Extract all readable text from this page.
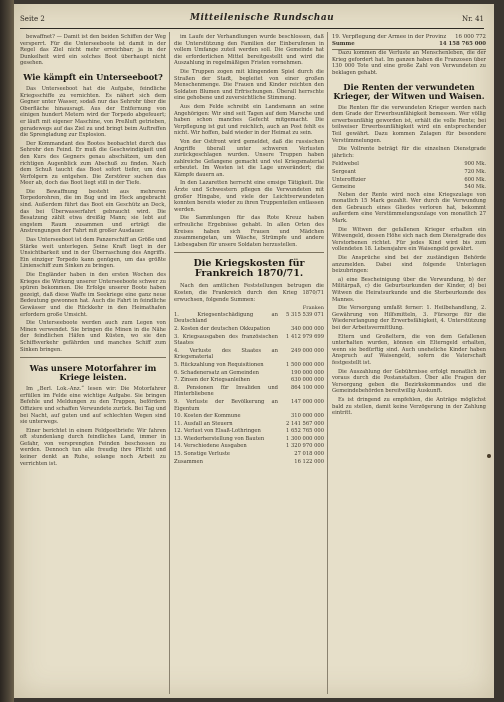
Seite 2	Mitteilenische Rundschau	Nr. 41

bewaffnet? — Damit ist den beiden Schiffen der Weg versperrt. Für die Unterseeboote ist damit in der Regel das Ziel nicht mehr erreichbar; ja in der Dunkelheit wird ein solches Boot überhaupt nicht gesehen.

Wie kämpft ein Unterseeboot?

Das Unterseeboot hat die Aufgabe, feindliche Kriegsschiffe zu vernichten. Es nähert sich dem Gegner unter Wasser, sodaß nur das Sehrohr über die Oberfläche hinausragt. Aus der Entfernung von einigen hundert Metern wird der Torpedo abgefeuert; er läuft mit eigener Maschine, von Preßluft getrieben, geradewegs auf das Ziel zu und bringt beim Auftreffen die Sprengladung zur Explosion.

Der Kommandant des Bootes beobachtet durch das Sehrohr den Feind. Er muß die Geschwindigkeit und den Kurs des Gegners genau abschätzen, um den richtigen Augenblick zum Abschuß zu finden. Nach dem Schuß taucht das Boot sofort tiefer, um den Verfolgern zu entgehen. Die Zerstörer suchen das Meer ab, doch das Boot liegt still in der Tiefe.

Die Bewaffnung besteht aus mehreren Torpedorohren, die im Bug und im Heck angebracht sind. Außerdem führt das Boot ein Geschütz an Deck, das bei Überwasserfahrt gebraucht wird. Die Besatzung zählt etwa dreißig Mann; sie lebt auf engstem Raum zusammen und erträgt die Anstrengungen der Fahrt mit großer Ausdauer.

Das Unterseeboot ist dem Panzerschiff an Größe und Stärke weit unterlegen. Seine Kraft liegt in der Unsichtbarkeit und in der Überraschung des Angriffs. Ein einziger Torpedo kann genügen, um das größte Linienschiff zum Sinken zu bringen.

Die Engländer haben in den ersten Wochen des Krieges die Wirkung unserer Unterseeboote schwer zu spüren bekommen. Die Erfolge unserer Boote haben gezeigt, daß diese Waffe im Seekriege eine ganz neue Bedeutung gewonnen hat. Auch die Fahrt in feindliche Gewässer und die Rückkehr in den Heimathafen erfordern große Umsicht.

Die Unterseeboote werden auch zum Legen von Minen verwendet. Sie bringen die Minen in die Nähe der feindlichen Häfen und Küsten, wo sie den Schiffsverkehr gefährden und manches Schiff zum Sinken bringen.

Was unsere Motorfahrer im Kriege leisten.

Im „Berl. Lok.-Anz.“ lesen wir: Die Motorfahrer erfüllen im Felde eine wichtige Aufgabe. Sie bringen Befehle und Meldungen zu den Truppen, befördern Offiziere und schaffen Verwundete zurück. Bei Tag und bei Nacht, auf guten und auf schlechten Wegen sind sie unterwegs.

Einer berichtet in einem Feldpostbriefe: Wir fahren oft stundenlang durch feindliches Land, immer in Gefahr, von versprengten Feinden beschossen zu werden. Dennoch tun alle freudig ihre Pflicht und keiner denkt an Ruhe, solange noch Arbeit zu verrichten ist.

im Laufe der Verhandlungen wurde beschlossen, daß die Unterstützung den Familien der Einberufenen in vollem Umfange zuteil werden soll. Die Gemeinde hat die erforderlichen Mittel bereitgestellt und wird die Auszahlung in regelmäßigen Fristen vornehmen.

Die Truppen zogen mit klingendem Spiel durch die Straßen der Stadt, begleitet von einer großen Menschenmenge. Die Frauen und Kinder reichten den Soldaten Blumen und Erfrischungen. Überall herrschte eine gehobene und zuversichtliche Stimmung.

Aus dem Felde schreibt ein Landsmann an seine Angehörigen: Wir sind seit Tagen auf dem Marsche und haben schon manches Gefecht mitgemacht. Die Verpflegung ist gut und reichlich, auch an Post fehlt es nicht. Wir hoffen, bald wieder in der Heimat zu sein.

Von der Ostfront wird gemeldet, daß die russischen Angriffe überall unter schweren Verlusten zurückgeschlagen wurden. Unsere Truppen haben zahlreiche Gefangene gemacht und viel Kriegsmaterial erbeutet. Im Westen ist die Lage unverändert; die Kämpfe dauern an.

In den Lazaretten herrscht eine emsige Tätigkeit. Die Ärzte und Schwestern pflegen die Verwundeten mit großer Hingabe, und viele der Leichtverwundeten konnten bereits wieder zu ihren Truppenteilen entlassen werden.

Die Sammlungen für das Rote Kreuz haben erfreuliche Ergebnisse gehabt. In allen Orten des Kreises haben sich Frauen und Mädchen zusammengetan, um Wäsche, Strümpfe und andere Liebesgaben für unsere Soldaten herzustellen.

Die Kriegskosten für Frankreich 1870/71.

Nach den amtlichen Feststellungen betrugen die Kosten, die Frankreich durch den Krieg 1870/71 erwuchsen, folgende Summen:

Franken
1. Kriegsentschädigung an Deutschland
5 315 539 071
2. Kosten der deutschen Okkupation	340 000 000
3. Kriegsausgaben des französischen Staates
1 412 979 699
4. Verluste des Staates an Kriegsmaterial
249 000 000
5. Rückzahlung von Requisitionen	1 500 000 000
6. Schadenersatz an Gemeinden	190 000 000
7. Zinsen der Kriegsanleihen	630 000 000
8. Pensionen für Invaliden und Hinterbliebene
864 100 000
9. Verluste der Bevölkerung an Eigentum
147 000 000
10. Kosten der Kommune	310 000 000
11. Ausfall an Steuern	2 141 567 000
12. Verlust von Elsaß-Lothringen	1 652 765 000
13. Wiederherstellung von Bauten	1 300 000 000
14. Verschiedene Ausgaben	1 320 970 000
15. Sonstige Verluste	27 018 000
Zusammen	16 122 000
19. Verpflegung der Armee in der Provinz 16 000 772
Summe	14 158 765 000

Dazu kommen die Verluste an Menschenleben, die der Krieg gefordert hat. Im ganzen haben die Franzosen über 130 000 Tote und eine große Zahl von Verwundeten zu beklagen gehabt.

Die Renten der verwundeten Krieger, der Witwen und Waisen.

Die Renten für die verwundeten Krieger werden nach dem Grade der Erwerbsunfähigkeit bemessen. Wer völlig erwerbsunfähig geworden ist, erhält die volle Rente; bei teilweiser Erwerbsunfähigkeit wird ein entsprechender Teil gewährt. Dazu kommen Zulagen für besondere Verstümmelungen.

Die Vollrente beträgt für die einzelnen Dienstgrade jährlich:

Feldwebel	900 Mk.
Sergeant	720 Mk.
Unteroffizier	600 Mk.
Gemeine	540 Mk.

Neben der Rente wird noch eine Kriegszulage von monatlich 15 Mark gezahlt. Wer durch die Verwundung den Gebrauch eines Gliedes verloren hat, bekommt außerdem eine Verstümmelungszulage von monatlich 27 Mark.

Die Witwen der gefallenen Krieger erhalten ein Witwengeld, dessen Höhe sich nach dem Dienstgrade des Verstorbenen richtet. Für jedes Kind wird bis zum vollendeten 18. Lebensjahre ein Waisengeld gewährt.

Die Ansprüche sind bei der zuständigen Behörde anzumelden. Dabei sind folgende Unterlagen beizubringen:

a) eine Bescheinigung über die Verwundung, b) der Militärpaß, c) die Geburtsurkunden der Kinder, d) bei Witwen die Heiratsurkunde und die Sterbeurkunde des Mannes.

Die Versorgung umfaßt ferner: 1. Heilbehandlung, 2. Gewährung von Hilfsmitteln, 3. Fürsorge für die Wiedererlangung der Erwerbsfähigkeit, 4. Unterstützung bei der Arbeitsvermittlung.

Eltern und Großeltern, die von dem Gefallenen unterhalten wurden, können ein Elterngeld erhalten, wenn sie bedürftig sind. Auch uneheliche Kinder haben Anspruch auf Waisengeld, sofern die Vaterschaft festgestellt ist.

Die Auszahlung der Gebührnisse erfolgt monatlich im voraus durch die Postanstalten. Über alle Fragen der Versorgung geben die Bezirkskommandos und die Gemeindebehörden bereitwillig Auskunft.

Es ist dringend zu empfehlen, die Anträge möglichst bald zu stellen, damit keine Verzögerung in der Zahlung eintritt.
